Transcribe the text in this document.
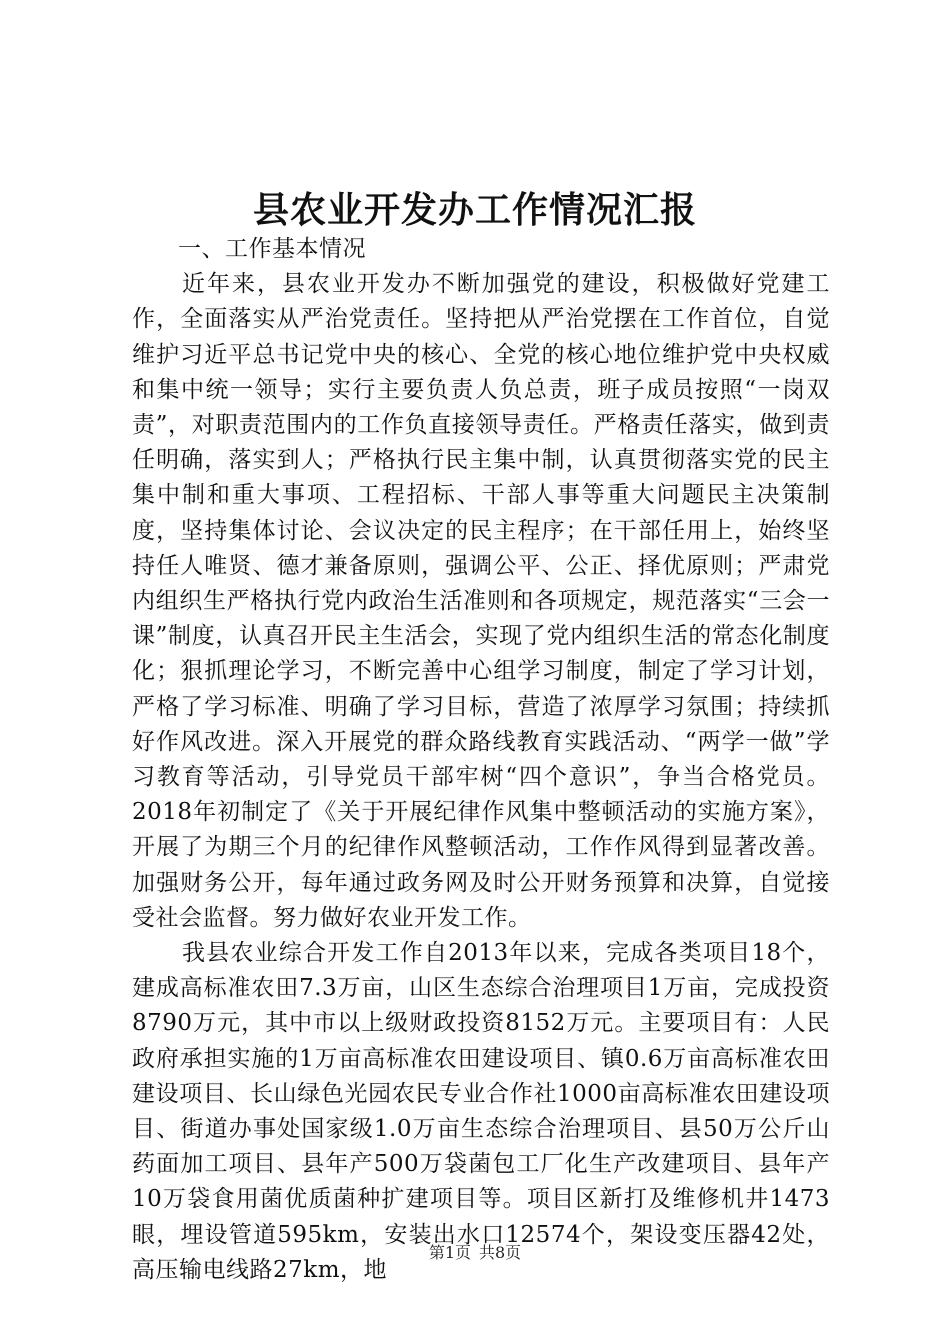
县农业开发办工作情况汇报

一、工作基本情况

近年来，县农业开发办不断加强党的建设，积极做好党建工作，全面落实从严治党责任。坚持把从严治党摆在工作首位，自觉维护习近平总书记党中央的核心、全党的核心地位维护党中央权威和集中统一领导；实行主要负责人负总责，班子成员按照“一岗双责”，对职责范围内的工作负直接领导责任。严格责任落实，做到责任明确，落实到人；严格执行民主集中制，认真贯彻落实党的民主集中制和重大事项、工程招标、干部人事等重大问题民主决策制度，坚持集体讨论、会议决定的民主程序；在干部任用上，始终坚持任人唯贤、德才兼备原则，强调公平、公正、择优原则；严肃党内组织生严格执行党内政治生活准则和各项规定，规范落实“三会一课”制度，认真召开民主生活会，实现了党内组织生活的常态化制度化；狠抓理论学习，不断完善中心组学习制度，制定了学习计划，严格了学习标准、明确了学习目标，营造了浓厚学习氛围；持续抓好作风改进。深入开展党的群众路线教育实践活动、“两学一做”学习教育等活动，引导党员干部牢树“四个意识”，争当合格党员。2018年初制定了《关于开展纪律作风集中整顿活动的实施方案》，开展了为期三个月的纪律作风整顿活动，工作作风得到显著改善。加强财务公开，每年通过政务网及时公开财务预算和决算，自觉接受社会监督。努力做好农业开发工作。

我县农业综合开发工作自2013年以来，完成各类项目18个，建成高标准农田7.3万亩，山区生态综合治理项目1万亩，完成投资8790万元，其中市以上级财政投资8152万元。主要项目有：人民政府承担实施的1万亩高标准农田建设项目、镇0.6万亩高标准农田建设项目、长山绿色光园农民专业合作社1000亩高标准农田建设项目、街道办事处国家级1.0万亩生态综合治理项目、县50万公斤山药面加工项目、县年产500万袋菌包工厂化生产改建项目、县年产10万袋食用菌优质菌种扩建项目等。项目区新打及维修机井1473眼，埋设管道595km，安装出水口12574个，架设变压器42处，高压输电线路27km，地

第1页 共8页
